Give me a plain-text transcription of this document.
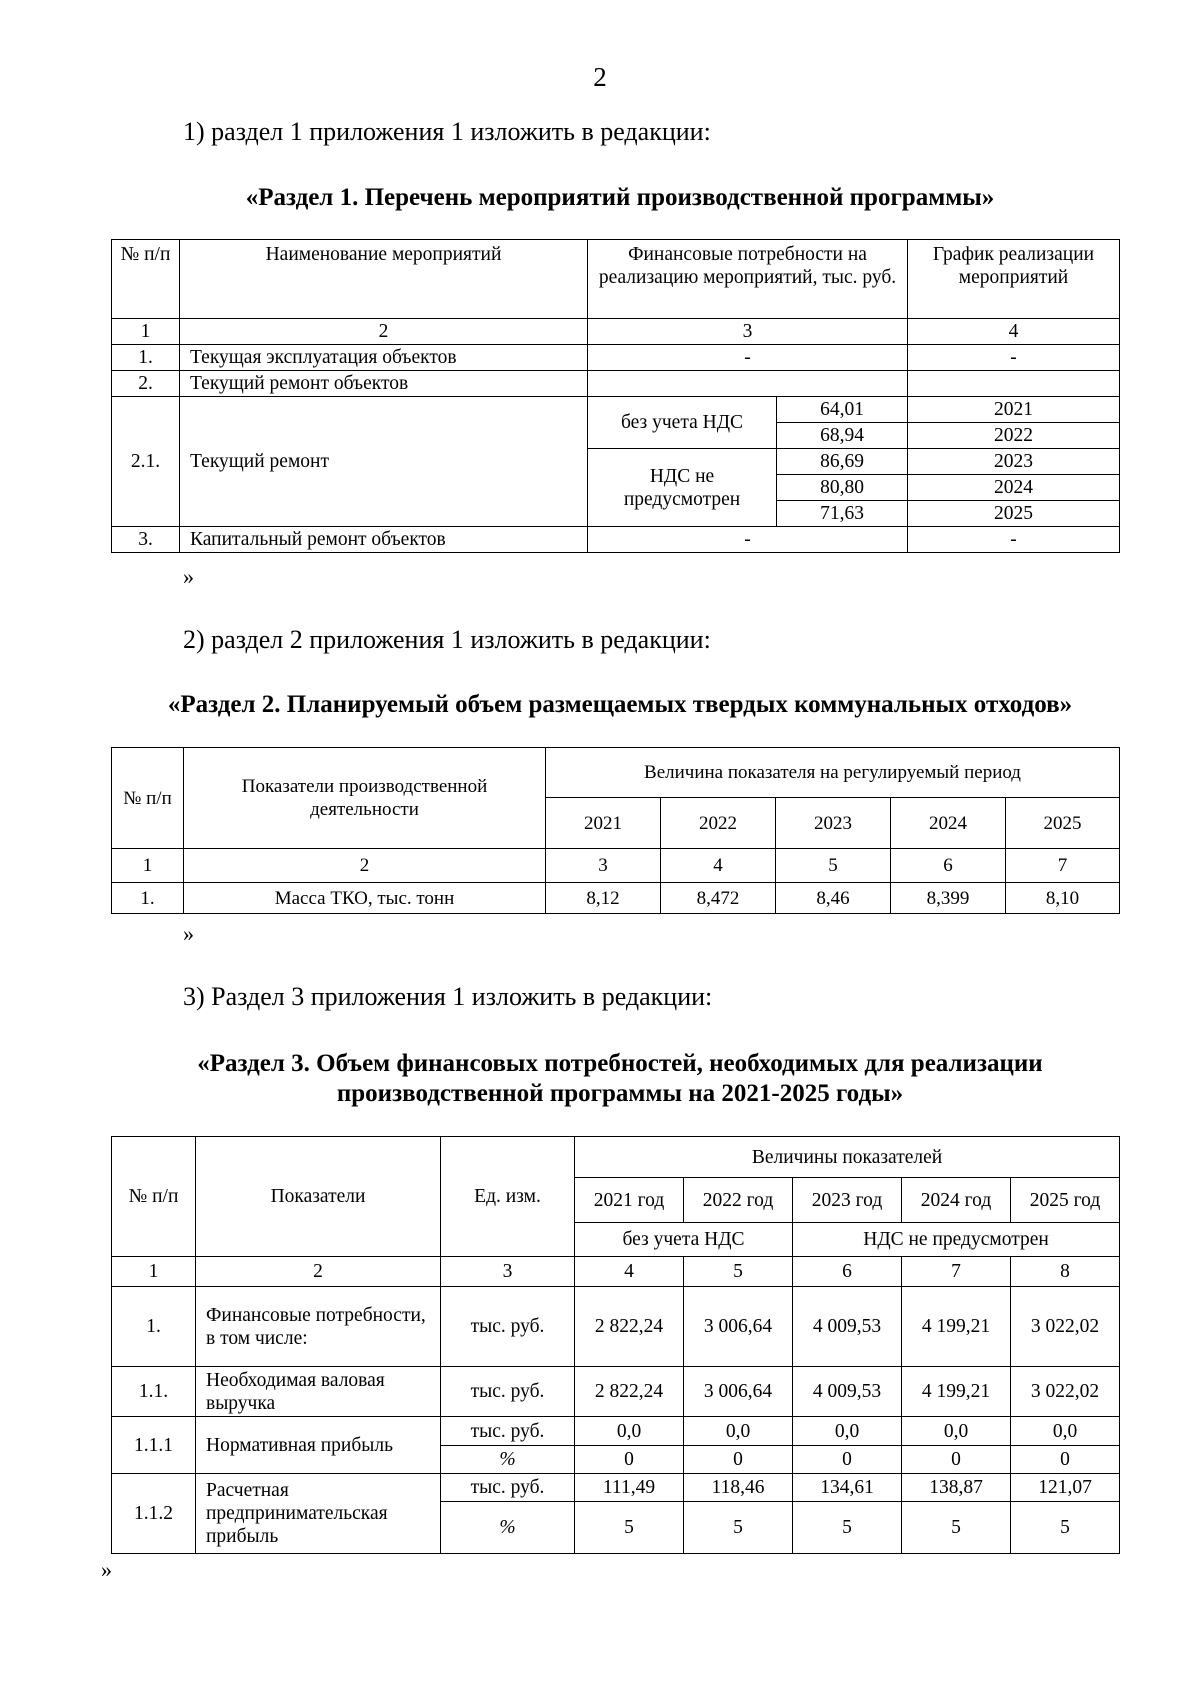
2
1) раздел 1 приложения 1 изложить в редакции:
«Раздел 1. Перечень мероприятий производственной программы»
№ п/п	Наименование мероприятий	Финансовые потребности на реализацию мероприятий, тыс. руб.		График реализации мероприятий
1	2	3		4
1.	Текущая эксплуатация объектов	-		-
2.	Текущий ремонт объектов			
2.1.	Текущий ремонт	без учета НДС	64,01	2021
			68,94	2022
		НДС не предусмотрен	86,69	2023
			80,80	2024
			71,63	2025
3.	Капитальный ремонт объектов	-		-
»
2) раздел 2 приложения 1 изложить в редакции:
«Раздел 2. Планируемый объем размещаемых твердых коммунальных отходов»
№ п/п	Показатели производственной деятельности	Величина показателя на регулируемый период				
		2021	2022	2023	2024	2025
1	2	3	4	5	6	7
1.	Масса ТКО, тыс. тонн	8,12	8,472	8,46	8,399	8,10
»
3) Раздел 3 приложения 1 изложить в редакции:
«Раздел 3. Объем финансовых потребностей, необходимых для реализации
производственной программы на 2021-2025 годы»
№ п/п	Показатели	Ед. изм.	Величины показателей				
			2021 год	2022 год	2023 год	2024 год	2025 год
			без учета НДС		НДС не предусмотрен		
1	2	3	4	5	6	7	8
1.	Финансовые потребности, в том числе:	тыс. руб.	2 822,24	3 006,64	4 009,53	4 199,21	3 022,02
1.1.	Необходимая валовая выручка	тыс. руб.	2 822,24	3 006,64	4 009,53	4 199,21	3 022,02
1.1.1	Нормативная прибыль	тыс. руб.	0,0	0,0	0,0	0,0	0,0
		%	0	0	0	0	0
1.1.2	Расчетная предпринимательская прибыль	тыс. руб.	111,49	118,46	134,61	138,87	121,07
		%	5	5	5	5	5
»
